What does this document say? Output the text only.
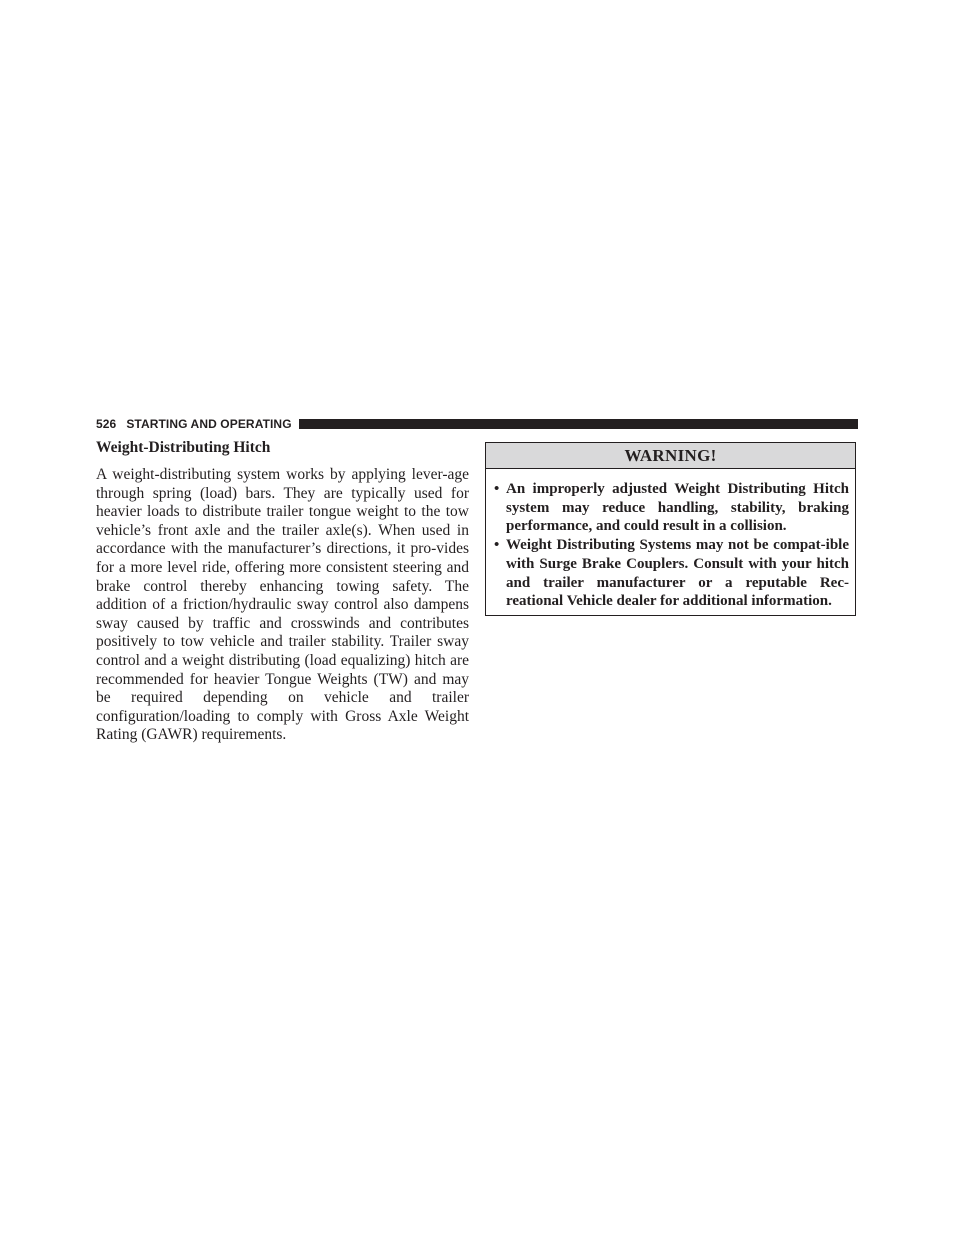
526 STARTING AND OPERATING
Weight-Distributing Hitch

A weight-distributing system works by applying lever-age through spring (load) bars. They are typically used for heavier loads to distribute trailer tongue weight to the tow vehicle’s front axle and the trailer axle(s). When used in accordance with the manufacturer’s directions, it pro-vides for a more level ride, offering more consistent steering and brake control thereby enhancing towing safety. The addition of a friction/hydraulic sway control also dampens sway caused by traffic and crosswinds and contributes positively to tow vehicle and trailer stability. Trailer sway control and a weight distributing (load equalizing) hitch are recommended for heavier Tongue Weights (TW) and may be required depending on vehicle and trailer configuration/loading to comply with Gross Axle Weight Rating (GAWR) requirements.

WARNING!
• An improperly adjusted Weight Distributing Hitch system may reduce handling, stability, braking performance, and could result in a collision.
• Weight Distributing Systems may not be compat-ible with Surge Brake Couplers. Consult with your hitch and trailer manufacturer or a reputable Rec-reational Vehicle dealer for additional information.
